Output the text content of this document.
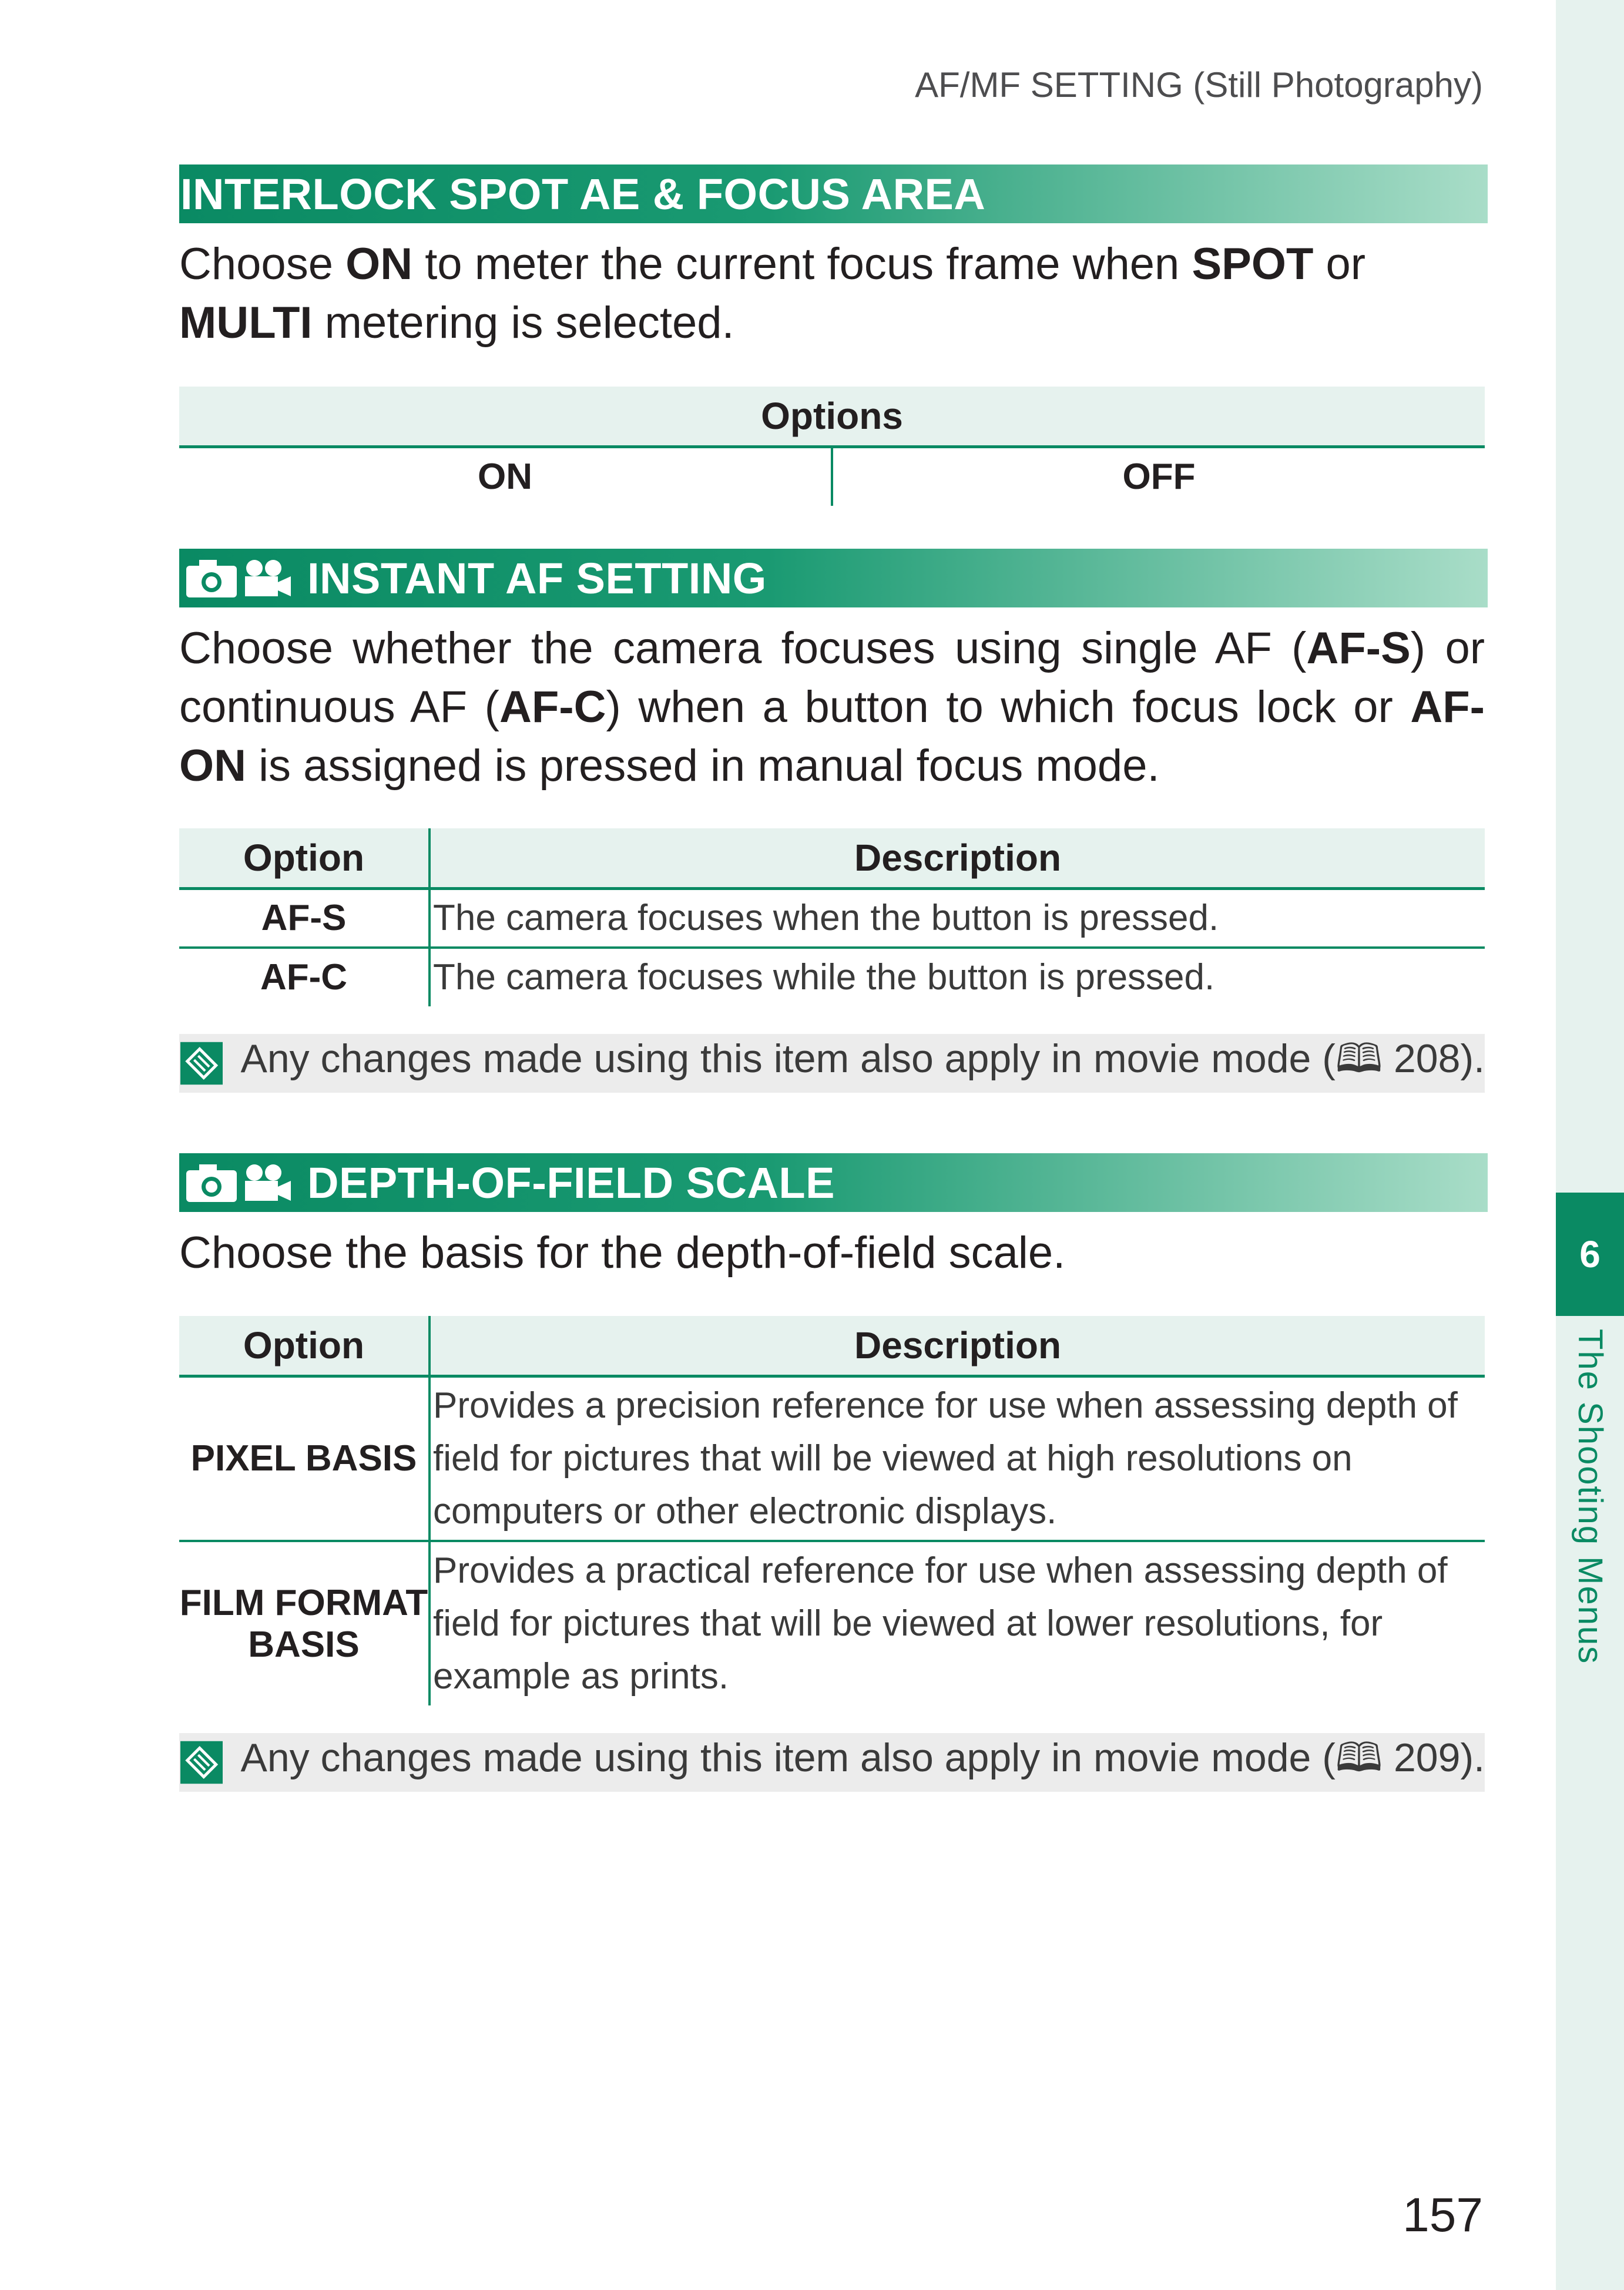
6
The Shooting Menus
AF/MF SETTING (Still Photography)
INTERLOCK SPOT AE & FOCUS AREA
Choose ON to meter the current focus frame when SPOT or
MULTI metering is selected.
Options
ON	OFF
INSTANT AF SETTING
Choose whether the camera focuses using single AF (AF-S) or continuous AF (AF-C) when a button to which focus lock or AF-ON is assigned is pressed in manual focus mode.
Option	Description
AF-S	The camera focuses when the button is pressed.
AF-C	The camera focuses while the button is pressed.
Any changes made using this item also apply in movie mode (🕮 208).
DEPTH-OF-FIELD SCALE
Choose the basis for the depth-of-field scale.
Option	Description
PIXEL BASIS	Provides a precision reference for use when assessing depth of field for pictures that will be viewed at high resolutions on computers or other electronic displays.
FILM FORMAT BASIS	Provides a practical reference for use when assessing depth of field for pictures that will be viewed at lower resolutions, for example as prints.
Any changes made using this item also apply in movie mode (🕮 209).
157
